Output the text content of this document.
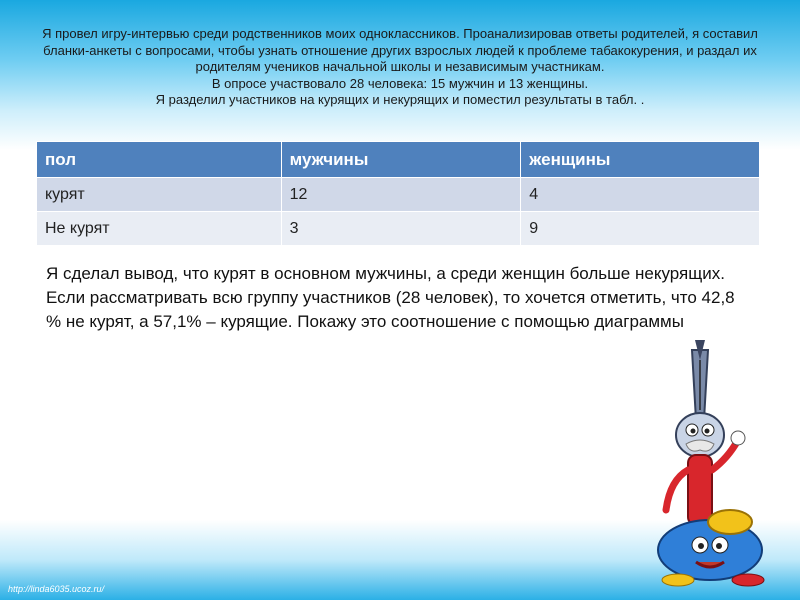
Я провел игру-интервью среди родственников моих одноклассников. Проанализировав ответы родителей, я составил бланки-анкеты с вопросами, чтобы узнать отношение других взрослых людей к проблеме табакокурения, и раздал их родителям учеников начальной школы и независимым участникам.

В опросе участвовало 28 человека: 15 мужчин и 13 женщины.

Я разделил участников на курящих и некурящих и поместил результаты в табл. .

пол	мужчины	женщины
курят	12	4
Не курят	3	9
Я сделал вывод, что курят в основном мужчины, а среди женщин больше некурящих. Если рассматривать всю группу участников (28 человек), то хочется отметить, что 42,8 % не курят, а 57,1% – курящие. Покажу это соотношение с помощью диаграммы
http://linda6035.ucoz.ru/
